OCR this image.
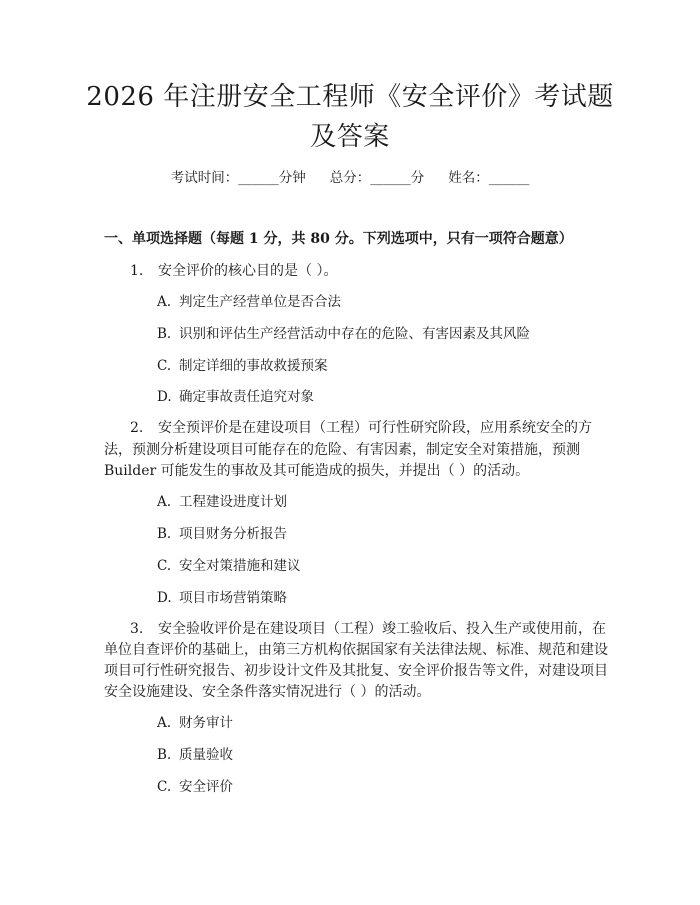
2026 年注册安全工程师《安全评价》考试题
及答案
考试时间：______分钟 总分：______分 姓名：______
一、单项选择题（每题 1 分，共 80 分。下列选项中，只有一项符合题意）
1. 安全评价的核心目的是（ ）。
A. 判定生产经营单位是否合法
B. 识别和评估生产经营活动中存在的危险、有害因素及其风险
C. 制定详细的事故救援预案
D. 确定事故责任追究对象
2. 安全预评价是在建设项目（工程）可行性研究阶段，应用系统安全的方
法，预测分析建设项目可能存在的危险、有害因素，制定安全对策措施，预测
Builder 可能发生的事故及其可能造成的损失，并提出（ ）的活动。
A. 工程建设进度计划
B. 项目财务分析报告
C. 安全对策措施和建议
D. 项目市场营销策略
3. 安全验收评价是在建设项目（工程）竣工验收后、投入生产或使用前，在
单位自查评价的基础上，由第三方机构依据国家有关法律法规、标准、规范和建设
项目可行性研究报告、初步设计文件及其批复、安全评价报告等文件，对建设项目
安全设施建设、安全条件落实情况进行（ ）的活动。
A. 财务审计
B. 质量验收
C. 安全评价
